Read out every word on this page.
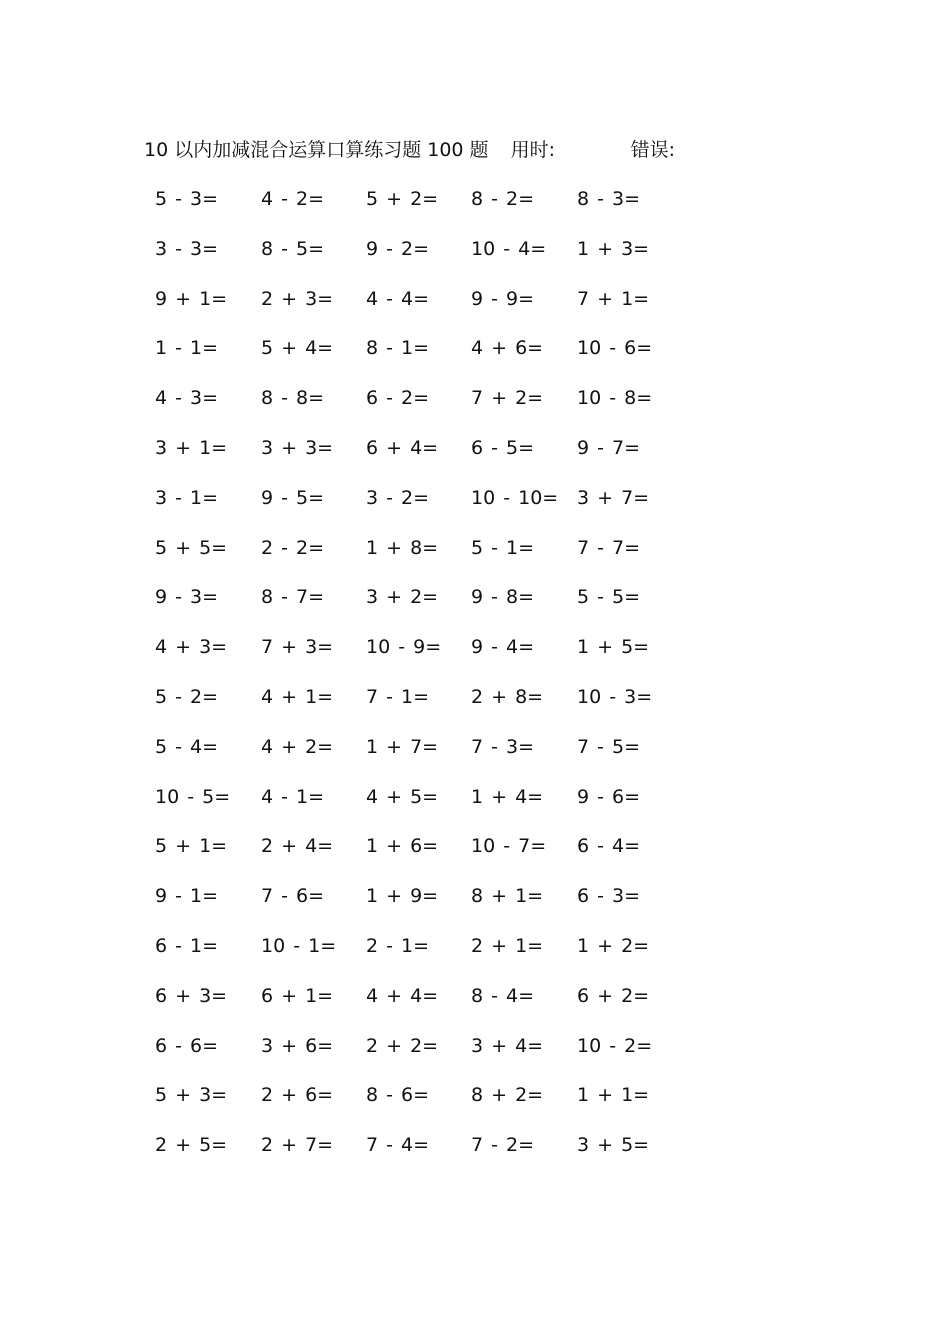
10 以内加减混合运算口算练习题 100 题 用时:	错误:
5 - 3= 4 - 2= 5 + 2= 8 - 2= 8 - 3=
3 - 3= 8 - 5= 9 - 2= 10 - 4= 1 + 3=
9 + 1= 2 + 3= 4 - 4= 9 - 9= 7 + 1=
1 - 1= 5 + 4= 8 - 1= 4 + 6= 10 - 6=
4 - 3= 8 - 8= 6 - 2= 7 + 2= 10 - 8=
3 + 1= 3 + 3= 6 + 4= 6 - 5= 9 - 7=
3 - 1= 9 - 5= 3 - 2= 10 - 10= 3 + 7=
5 + 5= 2 - 2= 1 + 8= 5 - 1= 7 - 7=
9 - 3= 8 - 7= 3 + 2= 9 - 8= 5 - 5=
4 + 3= 7 + 3= 10 - 9= 9 - 4= 1 + 5=
5 - 2= 4 + 1= 7 - 1= 2 + 8= 10 - 3=
5 - 4= 4 + 2= 1 + 7= 7 - 3= 7 - 5=
10 - 5= 4 - 1= 4 + 5= 1 + 4= 9 - 6=
5 + 1= 2 + 4= 1 + 6= 10 - 7= 6 - 4=
9 - 1= 7 - 6= 1 + 9= 8 + 1= 6 - 3=
6 - 1= 10 - 1= 2 - 1= 2 + 1= 1 + 2=
6 + 3= 6 + 1= 4 + 4= 8 - 4= 6 + 2=
6 - 6= 3 + 6= 2 + 2= 3 + 4= 10 - 2=
5 + 3= 2 + 6= 8 - 6= 8 + 2= 1 + 1=
2 + 5= 2 + 7= 7 - 4= 7 - 2= 3 + 5=
